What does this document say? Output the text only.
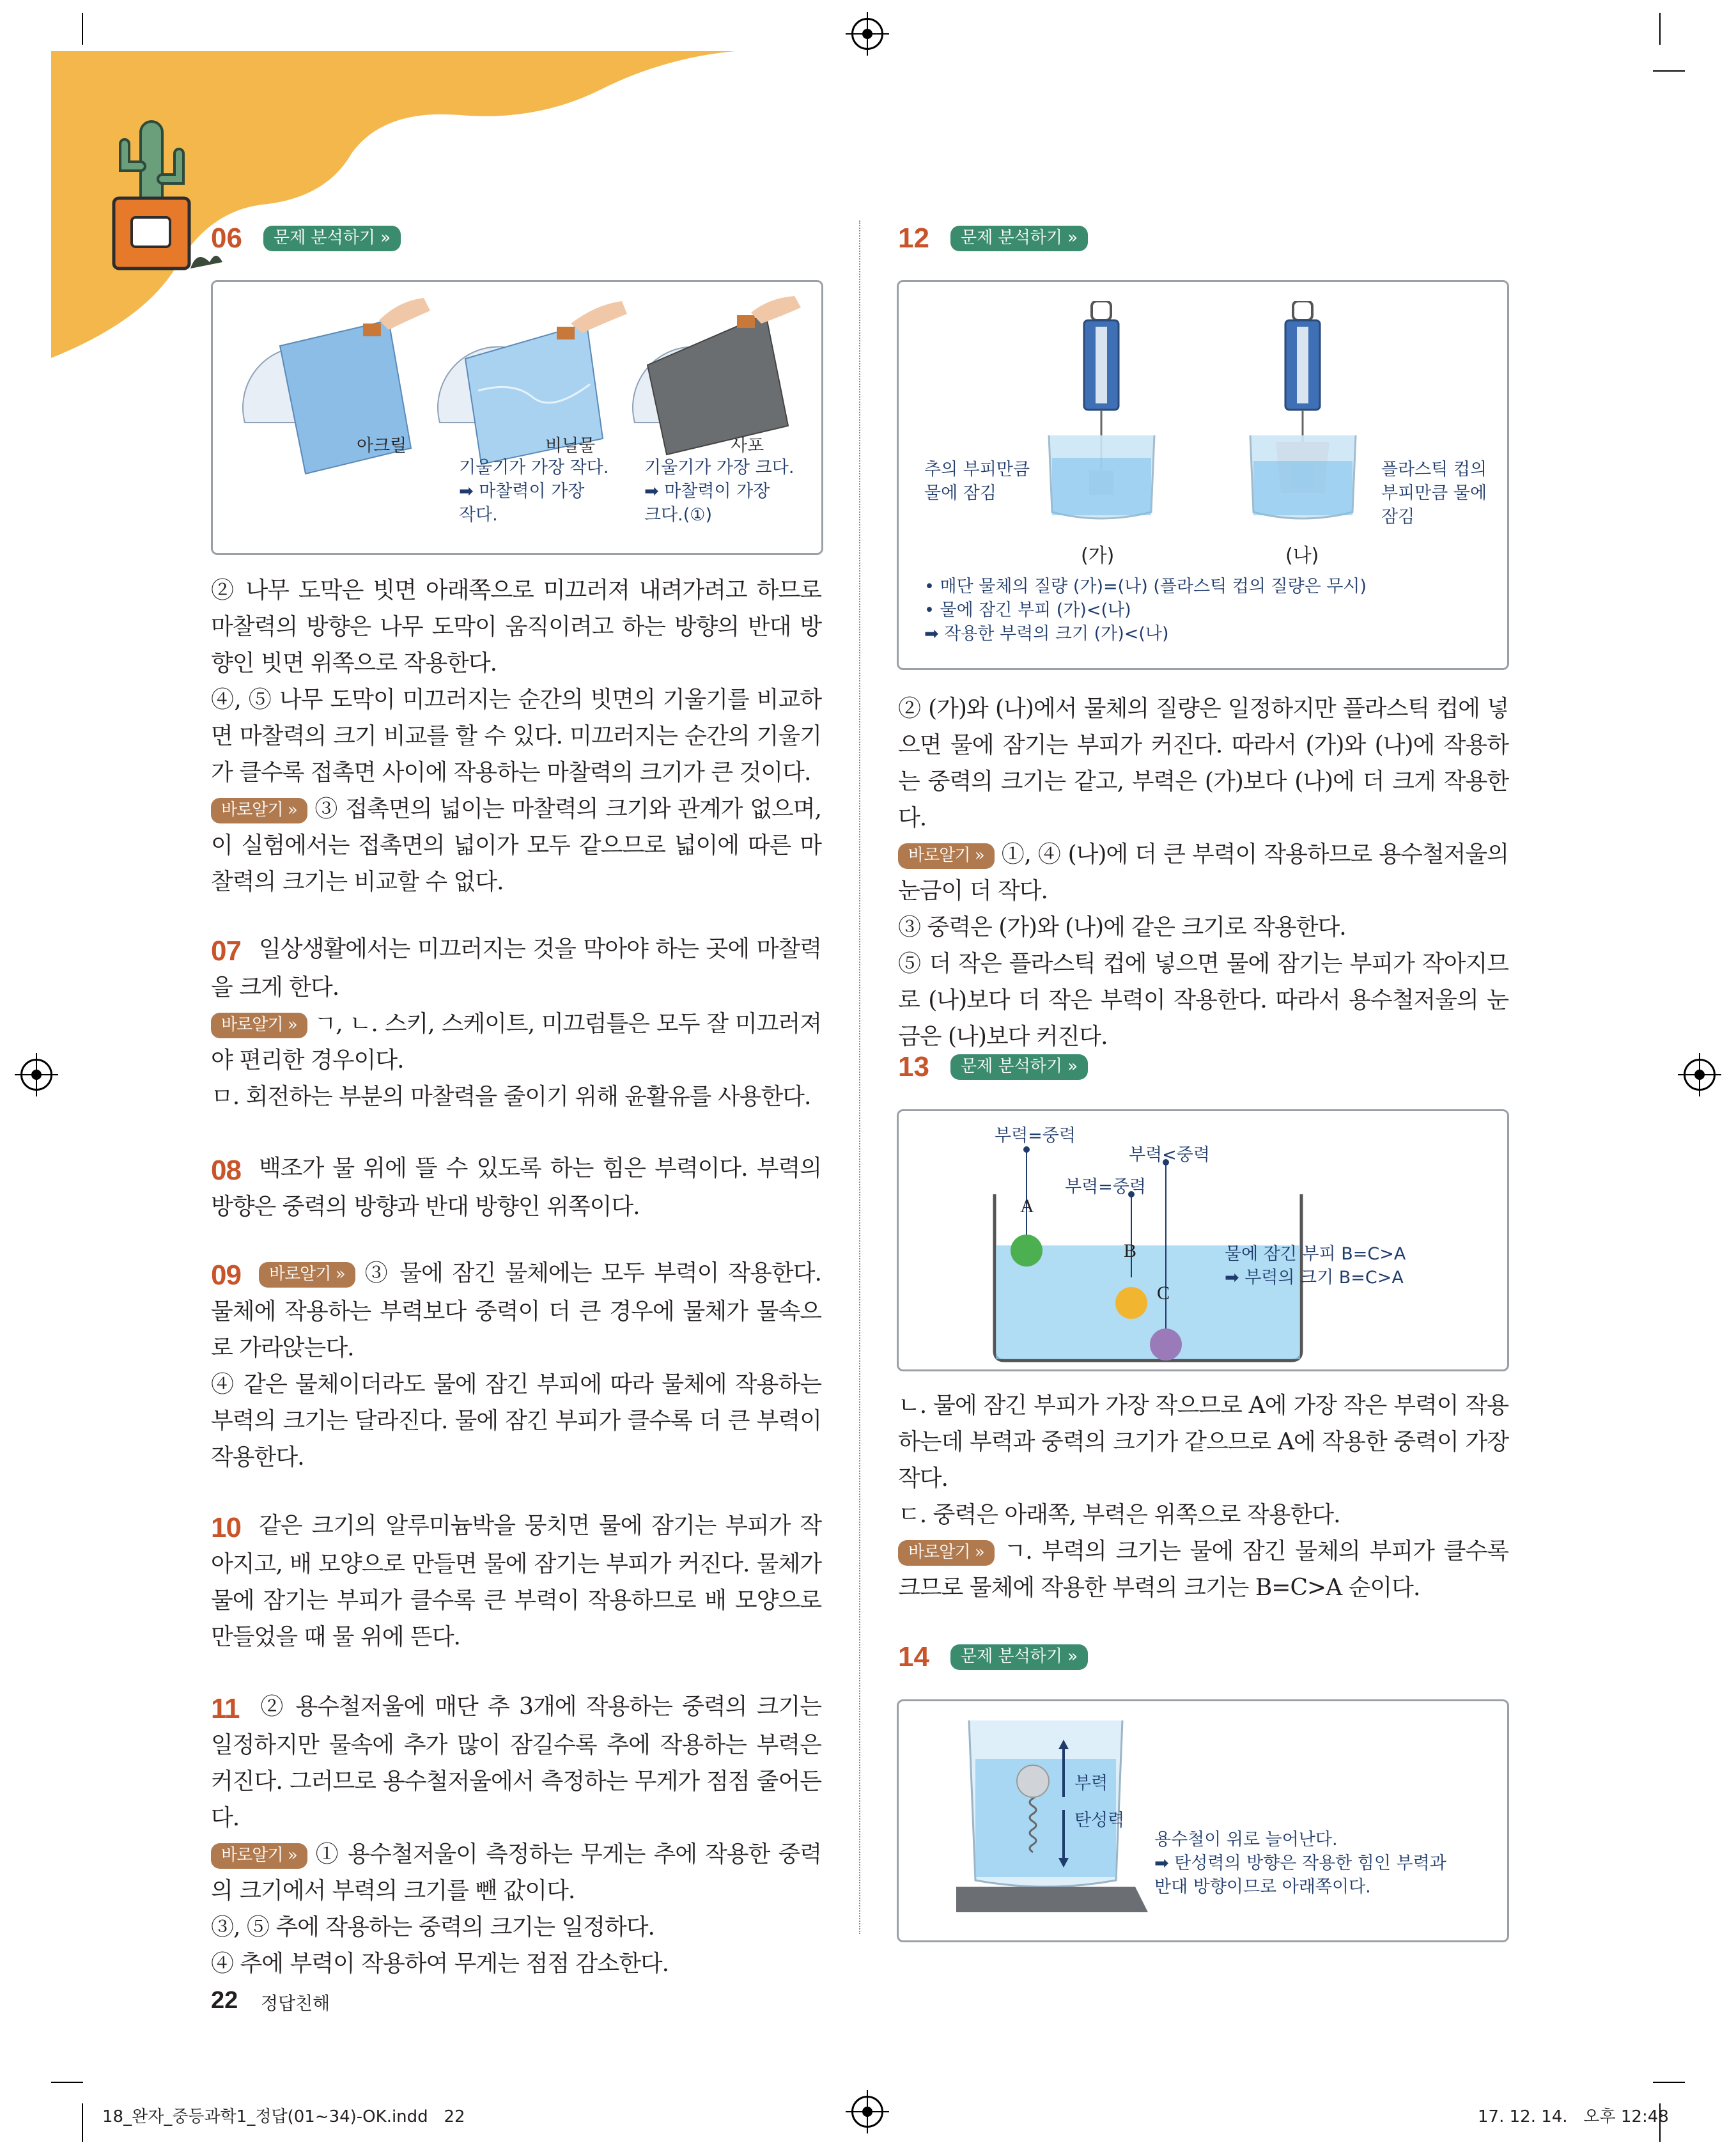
06 문제 분석하기 »
아크릴	비닐물	사포
기울기가 가장 작다.
➡ 마찰력이 가장
작다.
기울기가 가장 크다.
➡ 마찰력이 가장
크다.(①)

② 나무 도막은 빗면 아래쪽으로 미끄러져 내려가려고 하므로 마찰력의 방향은 나무 도막이 움직이려고 하는 방향의 반대 방향인 빗면 위쪽으로 작용한다.

④, ⑤ 나무 도막이 미끄러지는 순간의 빗면의 기울기를 비교하면 마찰력의 크기 비교를 할 수 있다. 미끄러지는 순간의 기울기가 클수록 접촉면 사이에 작용하는 마찰력의 크기가 큰 것이다.

바로알기 » ③ 접촉면의 넓이는 마찰력의 크기와 관계가 없으며, 이 실험에서는 접촉면의 넓이가 모두 같으므로 넓이에 따른 마찰력의 크기는 비교할 수 없다.

07 일상생활에서는 미끄러지는 것을 막아야 하는 곳에 마찰력을 크게 한다.

바로알기 » ㄱ, ㄴ. 스키, 스케이트, 미끄럼틀은 모두 잘 미끄러져야 편리한 경우이다.

ㅁ. 회전하는 부분의 마찰력을 줄이기 위해 윤활유를 사용한다.

08 백조가 물 위에 뜰 수 있도록 하는 힘은 부력이다. 부력의 방향은 중력의 방향과 반대 방향인 위쪽이다.

09 바로알기 » ③ 물에 잠긴 물체에는 모두 부력이 작용한다. 물체에 작용하는 부력보다 중력이 더 큰 경우에 물체가 물속으로 가라앉는다.

④ 같은 물체이더라도 물에 잠긴 부피에 따라 물체에 작용하는 부력의 크기는 달라진다. 물에 잠긴 부피가 클수록 더 큰 부력이 작용한다.

10 같은 크기의 알루미늄박을 뭉치면 물에 잠기는 부피가 작아지고, 배 모양으로 만들면 물에 잠기는 부피가 커진다. 물체가 물에 잠기는 부피가 클수록 큰 부력이 작용하므로 배 모양으로 만들었을 때 물 위에 뜬다.

11 ② 용수철저울에 매단 추 3개에 작용하는 중력의 크기는 일정하지만 물속에 추가 많이 잠길수록 추에 작용하는 부력은 커진다. 그러므로 용수철저울에서 측정하는 무게가 점점 줄어든다.

바로알기 » ① 용수철저울이 측정하는 무게는 추에 작용한 중력의 크기에서 부력의 크기를 뺀 값이다.

③, ⑤ 추에 작용하는 중력의 크기는 일정하다.

④ 추에 부력이 작용하여 무게는 점점 감소한다.

12 문제 분석하기 »
추의 부피만큼
물에 잠김
플라스틱 컵의
부피만큼 물에
잠김
(가)	(나)
• 매단 물체의 질량 (가)=(나) (플라스틱 컵의 질량은 무시)
• 물에 잠긴 부피 (가)<(나)
➡ 작용한 부력의 크기 (가)<(나)

② (가)와 (나)에서 물체의 질량은 일정하지만 플라스틱 컵에 넣으면 물에 잠기는 부피가 커진다. 따라서 (가)와 (나)에 작용하는 중력의 크기는 같고, 부력은 (가)보다 (나)에 더 크게 작용한다.

바로알기 » ①, ④ (나)에 더 큰 부력이 작용하므로 용수철저울의 눈금이 더 작다.

③ 중력은 (가)와 (나)에 같은 크기로 작용한다.

⑤ 더 작은 플라스틱 컵에 넣으면 물에 잠기는 부피가 작아지므로 (나)보다 더 작은 부력이 작용한다. 따라서 용수철저울의 눈금은 (나)보다 커진다.

13 문제 분석하기 »
부력=중력
부력<중력
부력=중력
A
B
C
물에 잠긴 부피 B=C>A
➡ 부력의 크기 B=C>A

ㄴ. 물에 잠긴 부피가 가장 작으므로 A에 가장 작은 부력이 작용하는데 부력과 중력의 크기가 같으므로 A에 작용한 중력이 가장 작다.

ㄷ. 중력은 아래쪽, 부력은 위쪽으로 작용한다.

바로알기 » ㄱ. 부력의 크기는 물에 잠긴 물체의 부피가 클수록 크므로 물체에 작용한 부력의 크기는 B=C>A 순이다.

14 문제 분석하기 »
부력
탄성력
용수철이 위로 늘어난다.
➡ 탄성력의 방향은 작용한 힘인 부력과
반대 방향이므로 아래쪽이다.
22 정답친해
18_완자_중등과학1_정답(01~34)-OK.indd   22	17. 12. 14.   오후 12:48
